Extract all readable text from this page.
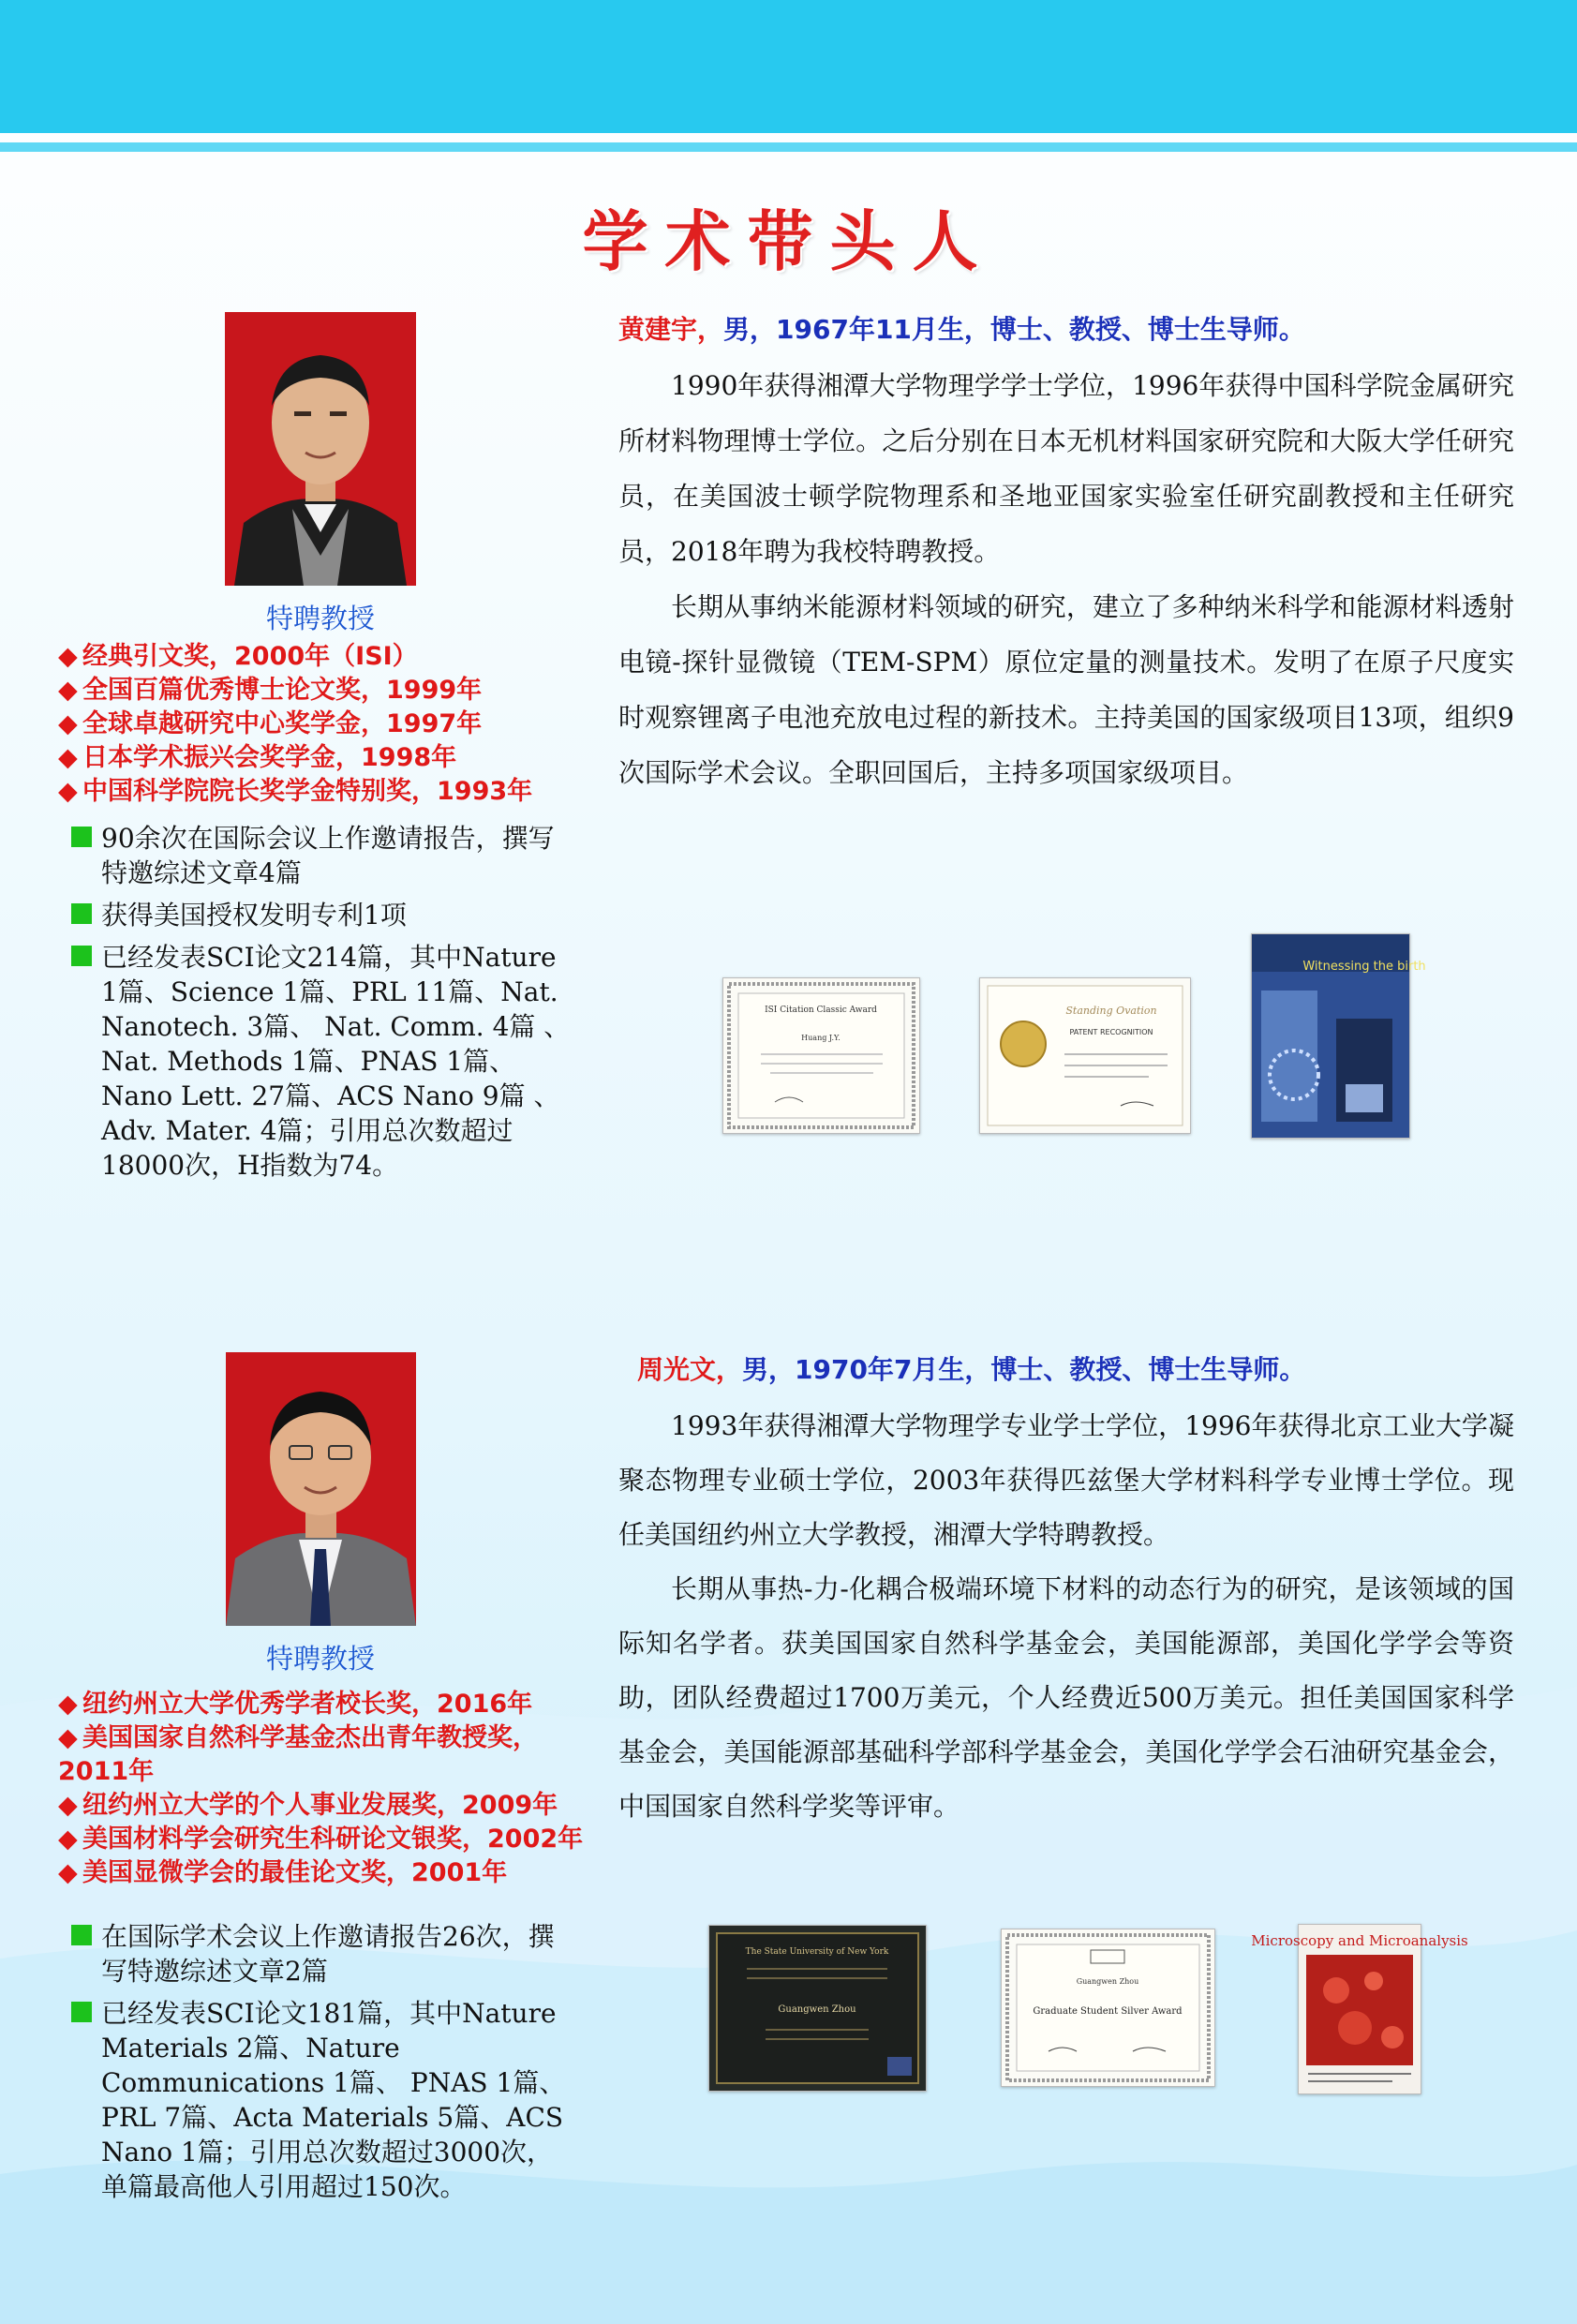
学术带头人
特聘教授
◆ 经典引文奖，2000年（ISI）
◆ 全国百篇优秀博士论文奖，1999年
◆ 全球卓越研究中心奖学金，1997年
◆ 日本学术振兴会奖学金，1998年
◆ 中国科学院院长奖学金特别奖，1993年
90余次在国际会议上作邀请报告，撰写特邀综述文章4篇
获得美国授权发明专利1项
已经发表SCI论文214篇，其中Nature 1篇、Science 1篇、PRL 11篇、Nat. Nanotech. 3篇、 Nat. Comm. 4篇 、Nat. Methods 1篇、PNAS 1篇、Nano Lett. 27篇、ACS Nano 9篇 、Adv. Mater. 4篇；引用总次数超过18000次，H指数为74。
黄建宇，男，1967年11月生，博士、教授、博士生导师。

1990年获得湘潭大学物理学学士学位，1996年获得中国科学院金属研究所材料物理博士学位。之后分别在日本无机材料国家研究院和大阪大学任研究员，在美国波士顿学院物理系和圣地亚国家实验室任研究副教授和主任研究员，2018年聘为我校特聘教授。

长期从事纳米能源材料领域的研究，建立了多种纳米科学和能源材料透射电镜-探针显微镜（TEM-SPM）原位定量的测量技术。发明了在原子尺度实时观察锂离子电池充放电过程的新技术。主持美国的国家级项目13项，组织9次国际学术会议。全职回国后，主持多项国家级项目。

ISI Citation Classic Award
Huang J.Y.
Standing Ovation
PATENT RECOGNITION
Witnessing the birth
特聘教授
◆ 纽约州立大学优秀学者校长奖，2016年
◆ 美国国家自然科学基金杰出青年教授奖，2011年
◆ 纽约州立大学的个人事业发展奖，2009年
◆ 美国材料学会研究生科研论文银奖，2002年
◆ 美国显微学会的最佳论文奖，2001年
在国际学术会议上作邀请报告26次，撰写特邀综述文章2篇
已经发表SCI论文181篇，其中Nature Materials 2篇、Nature Communications 1篇、 PNAS 1篇、PRL 7篇、Acta Materials 5篇、ACS Nano 1篇；引用总次数超过3000次，单篇最高他人引用超过150次。
周光文，男，1970年7月生，博士、教授、博士生导师。

1993年获得湘潭大学物理学专业学士学位，1996年获得北京工业大学凝聚态物理专业硕士学位，2003年获得匹兹堡大学材料科学专业博士学位。现任美国纽约州立大学教授，湘潭大学特聘教授。

长期从事热-力-化耦合极端环境下材料的动态行为的研究，是该领域的国际知名学者。获美国国家自然科学基金会，美国能源部，美国化学学会等资助，团队经费超过1700万美元，个人经费近500万美元。担任美国国家科学基金会，美国能源部基础科学部科学基金会，美国化学学会石油研究基金会，中国国家自然科学奖等评审。

The State University of New York
Guangwen Zhou
Guangwen Zhou
Graduate Student Silver Award
Microscopy and Microanalysis
